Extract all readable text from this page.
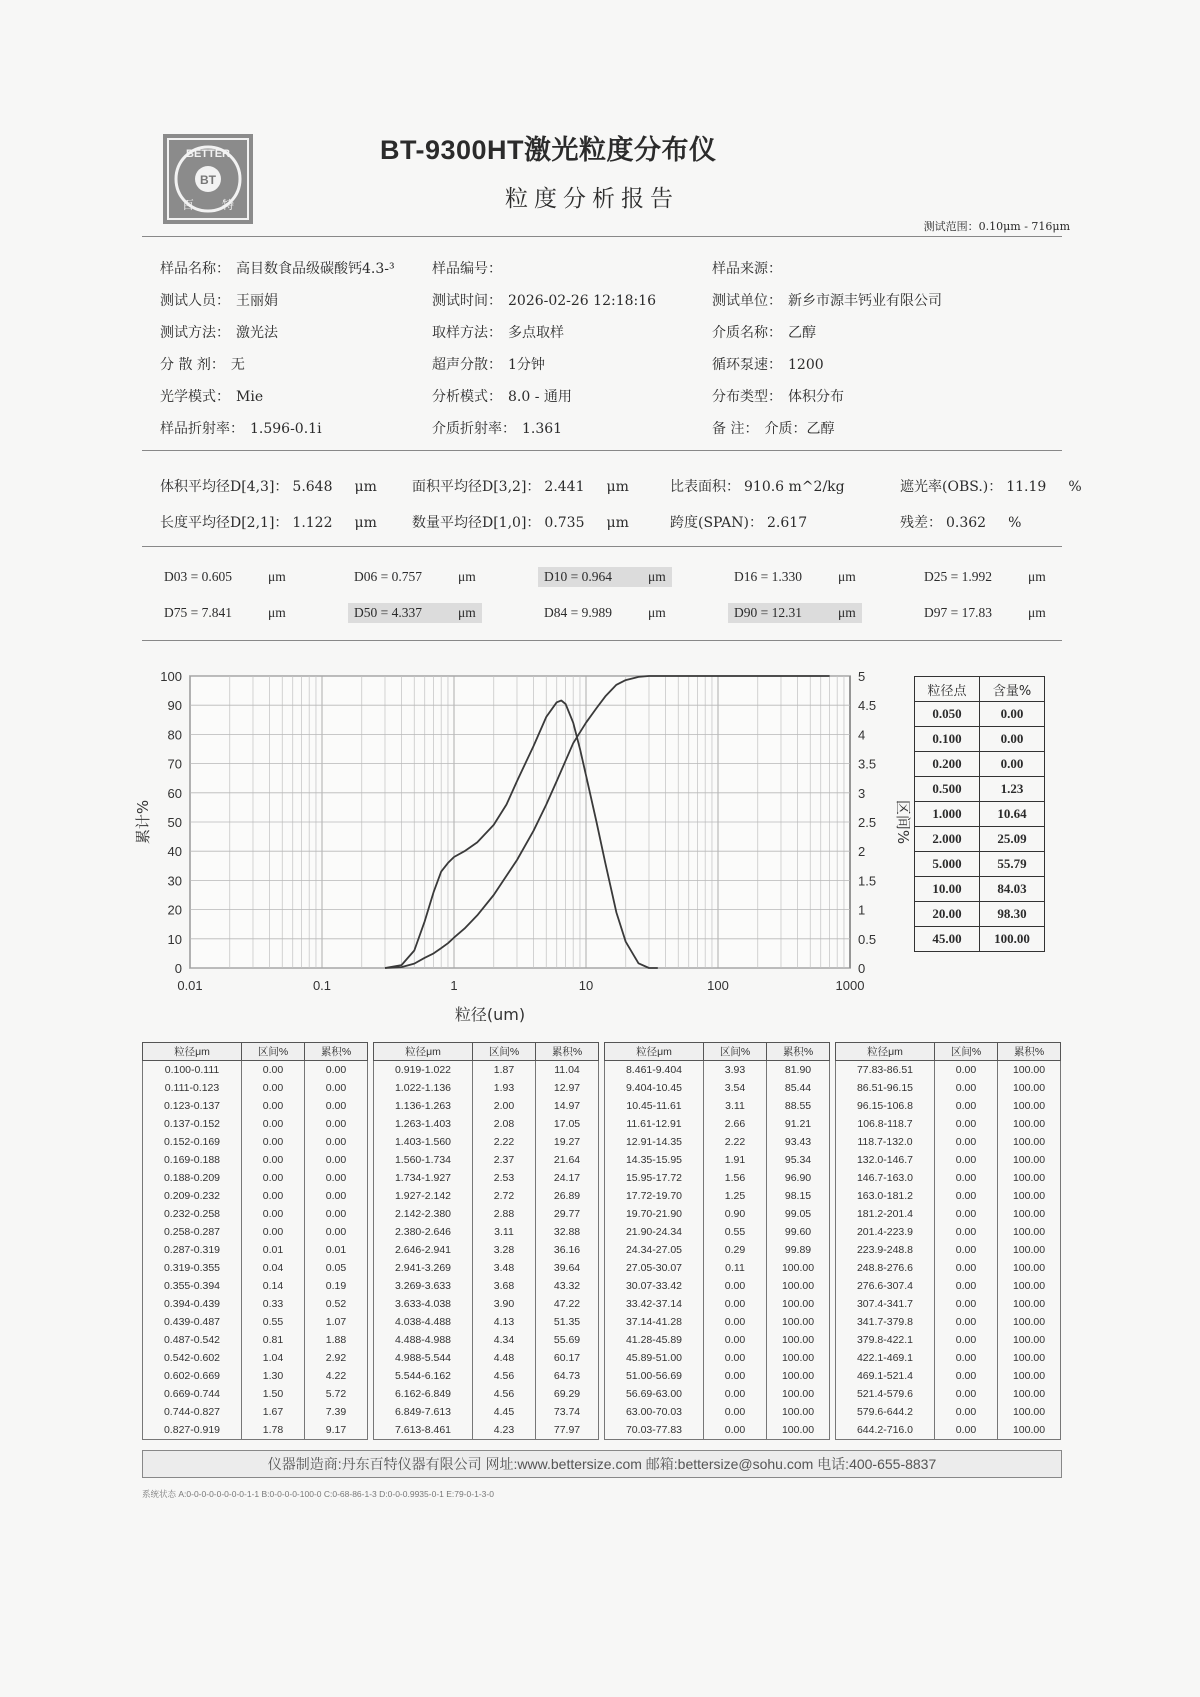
BT
BETTER
百 特
BT-9300HT激光粒度分布仪
粒度分析报告
测试范围：0.10μm - 716μm
样品名称： 高目数食品级碳酸钙4.3-³	样品编号：	样品来源：
测试人员： 王丽娟	测试时间： 2026-02-26 12:18:16	测试单位： 新乡市源丰钙业有限公司
测试方法： 激光法	取样方法： 多点取样	介质名称： 乙醇
分 散 剂： 无	超声分散： 1分钟	循环泵速： 1200
光学模式： Mie	分析模式： 8.0 - 通用	分布类型： 体积分布
样品折射率： 1.596-0.1i	介质折射率： 1.361	备 注： 介质：乙醇
体积平均径D[4,3]： 5.648 μm	面积平均径D[3,2]： 2.441 μm	比表面积： 910.6 m^2/kg	遮光率(OBS.)： 11.19 %
长度平均径D[2,1]： 1.122 μm	数量平均径D[1,0]： 0.735 μm	跨度(SPAN)： 2.617	残差： 0.362 %
D03 = 0.605	μm	D06 = 0.757	μm	D10 = 0.964	μm	D16 = 1.330	μm	D25 = 1.992	μm
D75 = 7.841	μm	D50 = 4.337	μm	D84 = 9.989	μm	D90 = 12.31	μm	D97 = 17.83	μm
0
10
20
30
40
50
60
70
80
90
100
0
0.5
1
1.5
2
2.5
3
3.5
4
4.5
5
0.01	0.1	1	10	100	1000
粒径(um)
累计%	区间%
粒径点	含量%
0.050	0.00
0.100	0.00
0.200	0.00
0.500	1.23
1.000	10.64
2.000	25.09
5.000	55.79
10.00	84.03
20.00	98.30
45.00	100.00
粒径μm	区间%	累积%
0.100-0.111	0.00	0.00
0.111-0.123	0.00	0.00
0.123-0.137	0.00	0.00
0.137-0.152	0.00	0.00
0.152-0.169	0.00	0.00
0.169-0.188	0.00	0.00
0.188-0.209	0.00	0.00
0.209-0.232	0.00	0.00
0.232-0.258	0.00	0.00
0.258-0.287	0.00	0.00
0.287-0.319	0.01	0.01
0.319-0.355	0.04	0.05
0.355-0.394	0.14	0.19
0.394-0.439	0.33	0.52
0.439-0.487	0.55	1.07
0.487-0.542	0.81	1.88
0.542-0.602	1.04	2.92
0.602-0.669	1.30	4.22
0.669-0.744	1.50	5.72
0.744-0.827	1.67	7.39
0.827-0.919	1.78	9.17
粒径μm	区间%	累积%
0.919-1.022	1.87	11.04
1.022-1.136	1.93	12.97
1.136-1.263	2.00	14.97
1.263-1.403	2.08	17.05
1.403-1.560	2.22	19.27
1.560-1.734	2.37	21.64
1.734-1.927	2.53	24.17
1.927-2.142	2.72	26.89
2.142-2.380	2.88	29.77
2.380-2.646	3.11	32.88
2.646-2.941	3.28	36.16
2.941-3.269	3.48	39.64
3.269-3.633	3.68	43.32
3.633-4.038	3.90	47.22
4.038-4.488	4.13	51.35
4.488-4.988	4.34	55.69
4.988-5.544	4.48	60.17
5.544-6.162	4.56	64.73
6.162-6.849	4.56	69.29
6.849-7.613	4.45	73.74
7.613-8.461	4.23	77.97
粒径μm	区间%	累积%
8.461-9.404	3.93	81.90
9.404-10.45	3.54	85.44
10.45-11.61	3.11	88.55
11.61-12.91	2.66	91.21
12.91-14.35	2.22	93.43
14.35-15.95	1.91	95.34
15.95-17.72	1.56	96.90
17.72-19.70	1.25	98.15
19.70-21.90	0.90	99.05
21.90-24.34	0.55	99.60
24.34-27.05	0.29	99.89
27.05-30.07	0.11	100.00
30.07-33.42	0.00	100.00
33.42-37.14	0.00	100.00
37.14-41.28	0.00	100.00
41.28-45.89	0.00	100.00
45.89-51.00	0.00	100.00
51.00-56.69	0.00	100.00
56.69-63.00	0.00	100.00
63.00-70.03	0.00	100.00
70.03-77.83	0.00	100.00
粒径μm	区间%	累积%
77.83-86.51	0.00	100.00
86.51-96.15	0.00	100.00
96.15-106.8	0.00	100.00
106.8-118.7	0.00	100.00
118.7-132.0	0.00	100.00
132.0-146.7	0.00	100.00
146.7-163.0	0.00	100.00
163.0-181.2	0.00	100.00
181.2-201.4	0.00	100.00
201.4-223.9	0.00	100.00
223.9-248.8	0.00	100.00
248.8-276.6	0.00	100.00
276.6-307.4	0.00	100.00
307.4-341.7	0.00	100.00
341.7-379.8	0.00	100.00
379.8-422.1	0.00	100.00
422.1-469.1	0.00	100.00
469.1-521.4	0.00	100.00
521.4-579.6	0.00	100.00
579.6-644.2	0.00	100.00
644.2-716.0	0.00	100.00
仪器制造商:丹东百特仪器有限公司 网址:www.bettersize.com 邮箱:bettersize@sohu.com 电话:400-655-8837
系统状态 A:0-0-0-0-0-0-0-0-1-1 B:0-0-0-0-100-0 C:0-68-86-1-3 D:0-0-0.9935-0-1 E:79-0-1-3-0
